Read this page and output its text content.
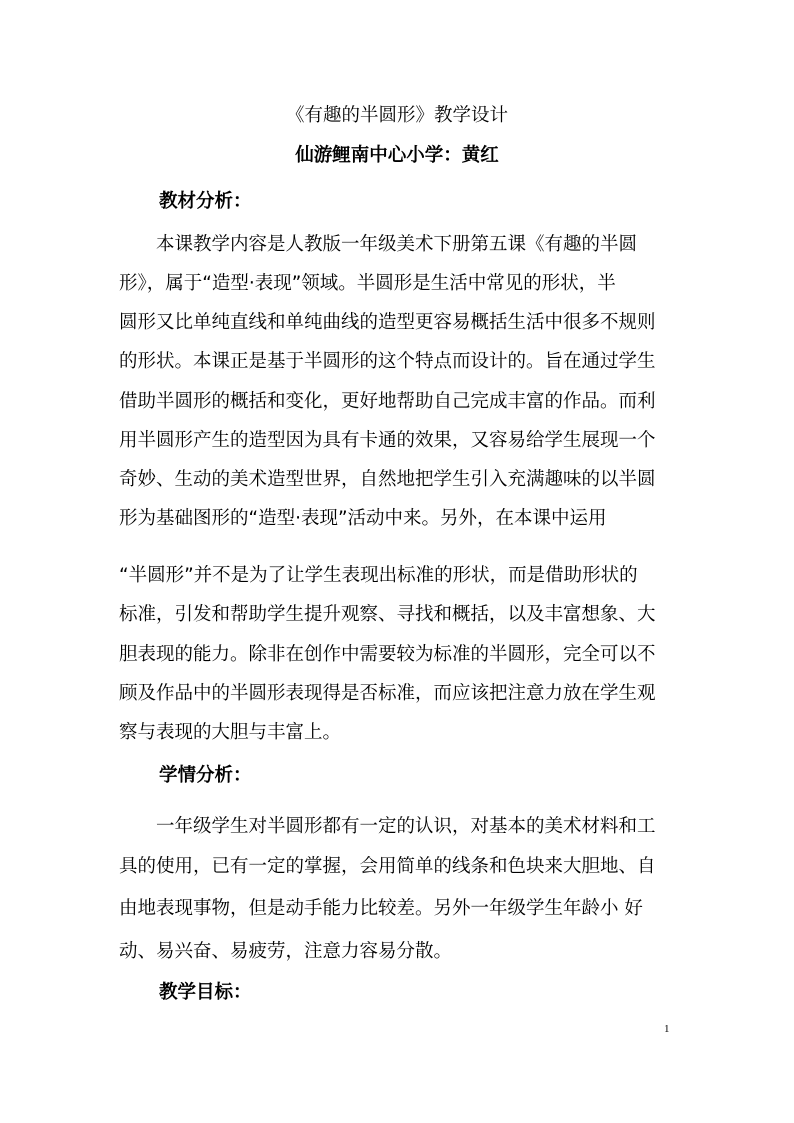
《有趣的半圆形》教学设计
仙游鲤南中心小学：黄红
教材分析：
　　本课教学内容是人教版一年级美术下册第五课《有趣的半圆
形》，属于“造型·表现”领域。半圆形是生活中常见的形状，半
圆形又比单纯直线和单纯曲线的造型更容易概括生活中很多不规则
的形状。本课正是基于半圆形的这个特点而设计的。旨在通过学生
借助半圆形的概括和变化，更好地帮助自己完成丰富的作品。而利
用半圆形产生的造型因为具有卡通的效果，又容易给学生展现一个
奇妙、生动的美术造型世界，自然地把学生引入充满趣味的以半圆
形为基础图形的“造型·表现”活动中来。另外，在本课中运用
“半圆形”并不是为了让学生表现出标准的形状，而是借助形状的
标准，引发和帮助学生提升观察、寻找和概括，以及丰富想象、大
胆表现的能力。除非在创作中需要较为标准的半圆形，完全可以不
顾及作品中的半圆形表现得是否标准，而应该把注意力放在学生观
察与表现的大胆与丰富上。
学情分析：
　　一年级学生对半圆形都有一定的认识，对基本的美术材料和工
具的使用，已有一定的掌握，会用简单的线条和色块来大胆地、自
由地表现事物，但是动手能力比较差。另外一年级学生年龄小 好
动、易兴奋、易疲劳，注意力容易分散。
教学目标：
1
